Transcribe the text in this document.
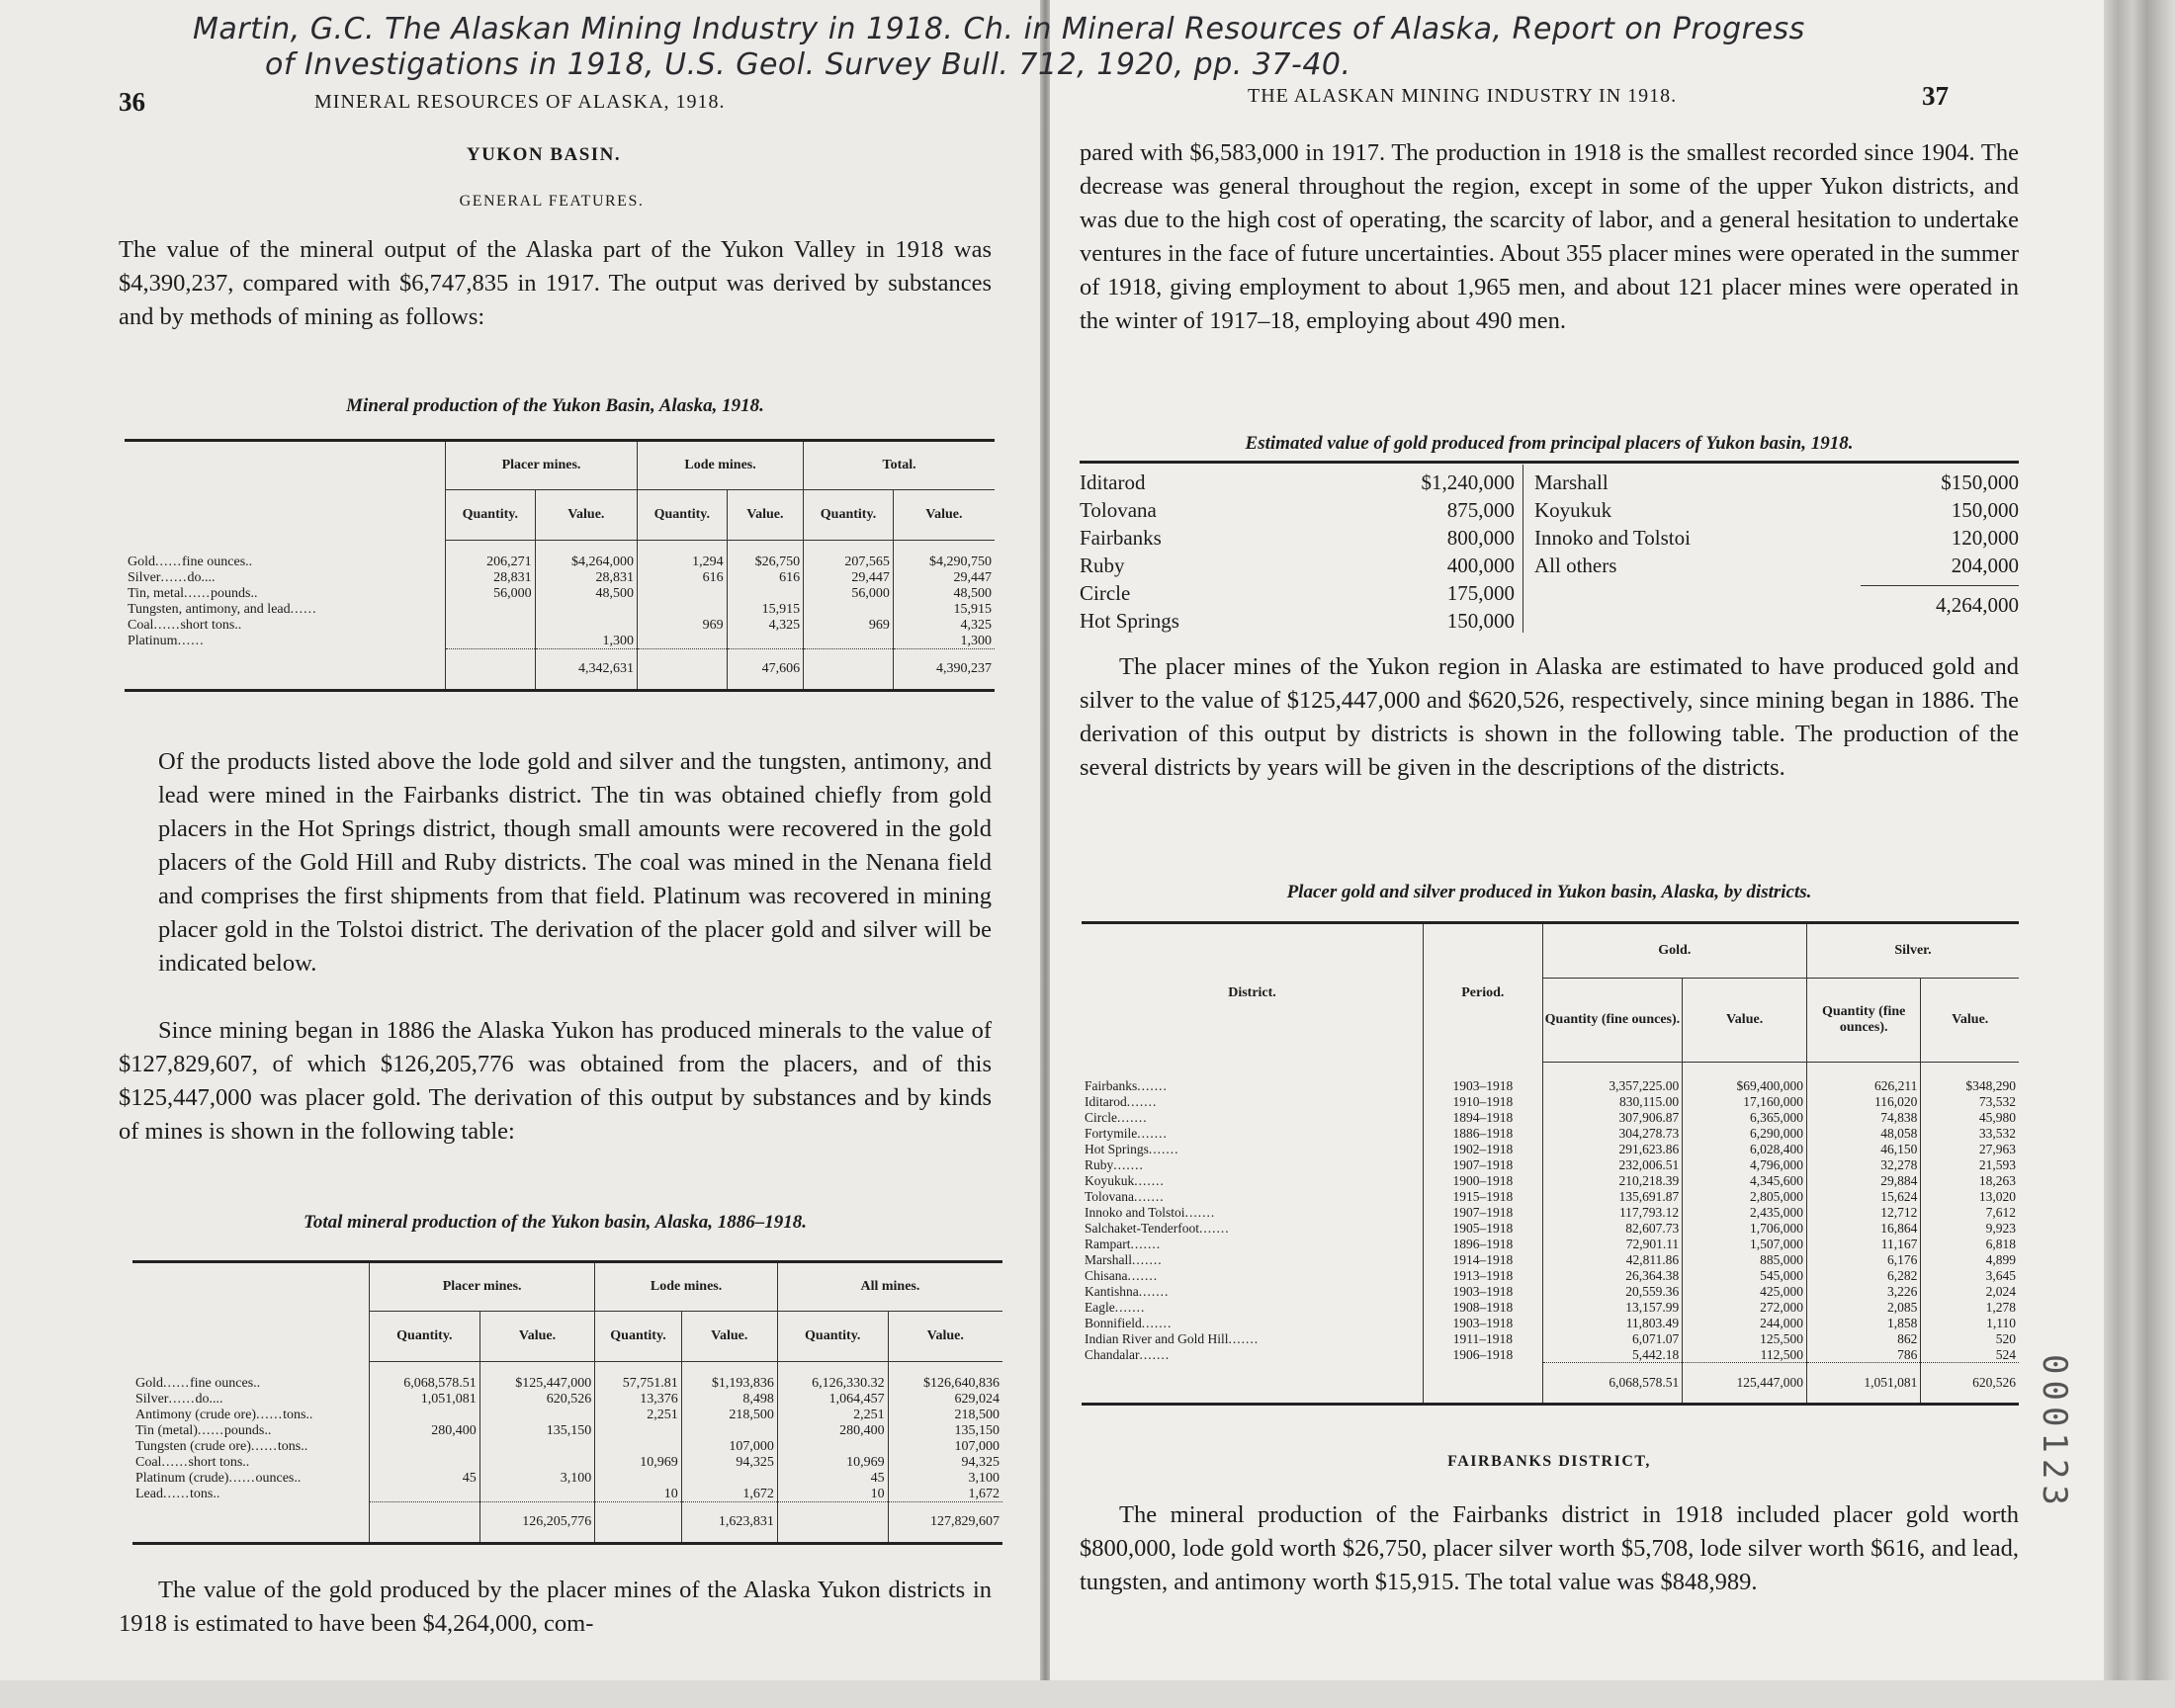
36	MINERAL RESOURCES OF ALASKA, 1918.
YUKON BASIN.
GENERAL FEATURES.

The value of the mineral output of the Alaska part of the Yukon Valley in 1918 was $4,390,237, compared with $6,747,835 in 1917. The output was derived by substances and by methods of mining as follows:

Mineral production of the Yukon Basin, Alaska, 1918.
	Placer mines.		Lode mines.		Total.	
	Quantity.	Value.	Quantity.	Value.	Quantity.	Value.

Gold......fine ounces..	206,271	$4,264,000	1,294	$26,750	207,565	$4,290,750
Silver......do....	28,831	28,831	616	616	29,447	29,447
Tin, metal......pounds..	56,000	48,500			56,000	48,500
Tungsten, antimony, and lead......				15,915		15,915
Coal......short tons..			969	4,325	969	4,325
Platinum......		1,300				1,300
		4,342,631		47,606		4,390,237

Of the products listed above the lode gold and silver and the tungsten, antimony, and lead were mined in the Fairbanks district. The tin was obtained chiefly from gold placers in the Hot Springs district, though small amounts were recovered in the gold placers of the Gold Hill and Ruby districts. The coal was mined in the Nenana field and comprises the first shipments from that field. Platinum was recovered in mining placer gold in the Tolstoi district. The derivation of the placer gold and silver will be indicated below.

Since mining began in 1886 the Alaska Yukon has produced minerals to the value of $127,829,607, of which $126,205,776 was obtained from the placers, and of this $125,447,000 was placer gold. The derivation of this output by substances and by kinds of mines is shown in the following table:

Total mineral production of the Yukon basin, Alaska, 1886–1918.
	Placer mines.		Lode mines.		All mines.	
	Quantity.	Value.	Quantity.	Value.	Quantity.	Value.

Gold......fine ounces..	6,068,578.51	$125,447,000	57,751.81	$1,193,836	6,126,330.32	$126,640,836
Silver......do....	1,051,081	620,526	13,376	8,498	1,064,457	629,024
Antimony (crude ore)......tons..			2,251	218,500	2,251	218,500
Tin (metal)......pounds..	280,400	135,150			280,400	135,150
Tungsten (crude ore)......tons..				107,000		107,000
Coal......short tons..			10,969	94,325	10,969	94,325
Platinum (crude)......ounces..	45	3,100			45	3,100
Lead......tons..			10	1,672	10	1,672
		126,205,776		1,623,831		127,829,607

The value of the gold produced by the placer mines of the Alaska Yukon districts in 1918 is estimated to have been $4,264,000, com-

THE ALASKAN MINING INDUSTRY IN 1918.	37

pared with $6,583,000 in 1917. The production in 1918 is the smallest recorded since 1904. The decrease was general throughout the region, except in some of the upper Yukon districts, and was due to the high cost of operating, the scarcity of labor, and a general hesitation to undertake ventures in the face of future uncertainties. About 355 placer mines were operated in the summer of 1918, giving employment to about 1,965 men, and about 121 placer mines were operated in the winter of 1917–18, employing about 490 men.

Estimated value of gold produced from principal placers of Yukon basin, 1918.
Iditarod	$1,240,000
Tolovana	875,000
Fairbanks	800,000
Ruby	400,000
Circle	175,000
Hot Springs	150,000
Marshall	$150,000
Koyukuk	150,000
Innoko and Tolstoi	120,000
All others	204,000
4,264,000

The placer mines of the Yukon region in Alaska are estimated to have produced gold and silver to the value of $125,447,000 and $620,526, respectively, since mining began in 1886. The derivation of this output by districts is shown in the following table. The production of the several districts by years will be given in the descriptions of the districts.

Placer gold and silver produced in Yukon basin, Alaska, by districts.
District.	Period.	Gold.		Silver.	
		Quantity (fine ounces).	Value.	Quantity (fine ounces).	Value.

Fairbanks.......	1903–1918	3,357,225.00	$69,400,000	626,211	$348,290
Iditarod.......	1910–1918	830,115.00	17,160,000	116,020	73,532
Circle.......	1894–1918	307,906.87	6,365,000	74,838	45,980
Fortymile.......	1886–1918	304,278.73	6,290,000	48,058	33,532
Hot Springs.......	1902–1918	291,623.86	6,028,400	46,150	27,963
Ruby.......	1907–1918	232,006.51	4,796,000	32,278	21,593
Koyukuk.......	1900–1918	210,218.39	4,345,600	29,884	18,263
Tolovana.......	1915–1918	135,691.87	2,805,000	15,624	13,020
Innoko and Tolstoi.......	1907–1918	117,793.12	2,435,000	12,712	7,612
Salchaket-Tenderfoot.......	1905–1918	82,607.73	1,706,000	16,864	9,923
Rampart.......	1896–1918	72,901.11	1,507,000	11,167	6,818
Marshall.......	1914–1918	42,811.86	885,000	6,176	4,899
Chisana.......	1913–1918	26,364.38	545,000	6,282	3,645
Kantishna.......	1903–1918	20,559.36	425,000	3,226	2,024
Eagle.......	1908–1918	13,157.99	272,000	2,085	1,278
Bonnifield.......	1903–1918	11,803.49	244,000	1,858	1,110
Indian River and Gold Hill.......	1911–1918	6,071.07	125,500	862	520
Chandalar.......	1906–1918	5,442.18	112,500	786	524
		6,068,578.51	125,447,000	1,051,081	620,526
FAIRBANKS DISTRICT,

The mineral production of the Fairbanks district in 1918 included placer gold worth $800,000, lode gold worth $26,750, placer silver worth $5,708, lode silver worth $616, and lead, tungsten, and antimony worth $15,915. The total value was $848,989.

000123
Martin, G.C. The Alaskan Mining Industry in 1918. Ch. in Mineral Resources of Alaska, Report on Progress
of Investigations in 1918, U.S. Geol. Survey Bull. 712, 1920, pp. 37-40.
